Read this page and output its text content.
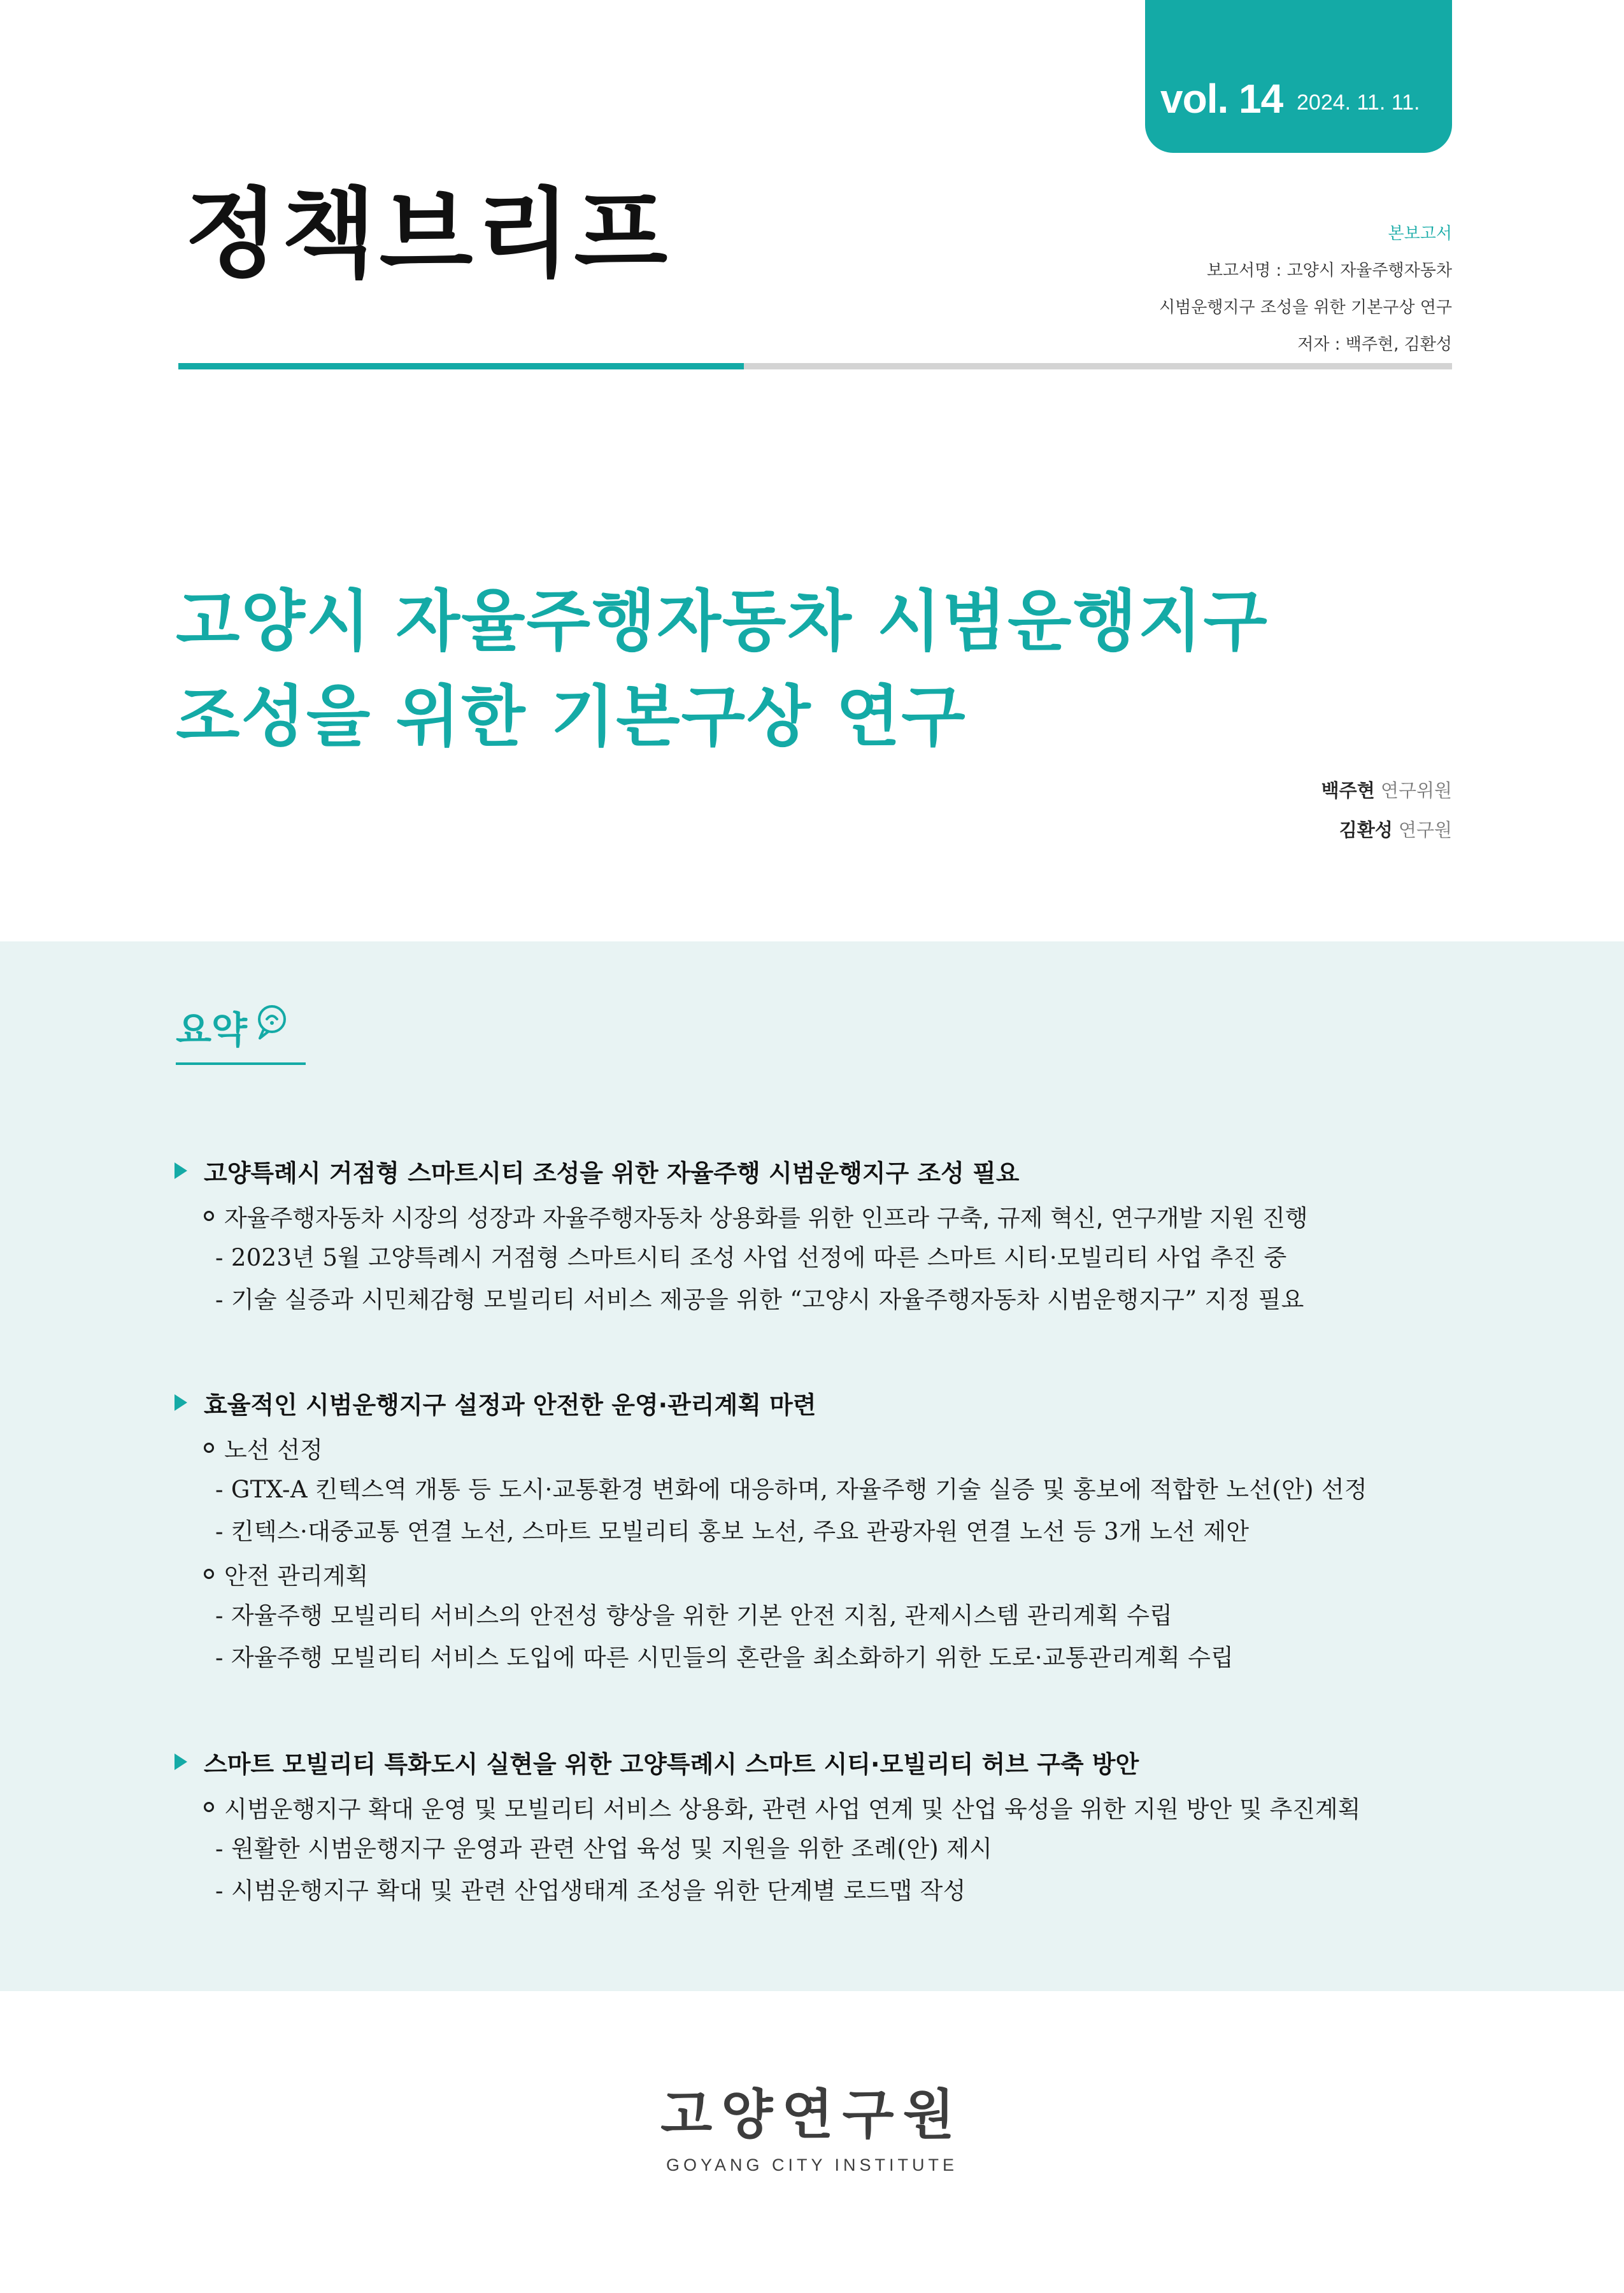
vol. 14 2024. 11. 11.
정책브리프	본보고서
보고서명 : 고양시 자율주행자동차
시범운행지구 조성을 위한 기본구상 연구
저자 : 백주현, 김환성
고양시 자율주행자동차 시범운행지구
조성을 위한 기본구상 연구
백주현 연구위원
김환성 연구원
요약
고양특례시 거점형 스마트시티 조성을 위한 자율주행 시범운행지구 조성 필요
자율주행자동차 시장의 성장과 자율주행자동차 상용화를 위한 인프라 구축, 규제 혁신, 연구개발 지원 진행
- 2023년 5월 고양특례시 거점형 스마트시티 조성 사업 선정에 따른 스마트 시티·모빌리티 사업 추진 중
- 기술 실증과 시민체감형 모빌리티 서비스 제공을 위한 “고양시 자율주행자동차 시범운행지구” 지정 필요
효율적인 시범운행지구 설정과 안전한 운영·관리계획 마련
노선 선정
- GTX-A 킨텍스역 개통 등 도시·교통환경 변화에 대응하며, 자율주행 기술 실증 및 홍보에 적합한 노선(안) 선정
- 킨텍스·대중교통 연결 노선, 스마트 모빌리티 홍보 노선, 주요 관광자원 연결 노선 등 3개 노선 제안
안전 관리계획
- 자율주행 모빌리티 서비스의 안전성 향상을 위한 기본 안전 지침, 관제시스템 관리계획 수립
- 자율주행 모빌리티 서비스 도입에 따른 시민들의 혼란을 최소화하기 위한 도로·교통관리계획 수립
스마트 모빌리티 특화도시 실현을 위한 고양특례시 스마트 시티·모빌리티 허브 구축 방안
시범운행지구 확대 운영 및 모빌리티 서비스 상용화, 관련 사업 연계 및 산업 육성을 위한 지원 방안 및 추진계획
- 원활한 시범운행지구 운영과 관련 산업 육성 및 지원을 위한 조례(안) 제시
- 시범운행지구 확대 및 관련 산업생태계 조성을 위한 단계별 로드맵 작성
고양연구원
GOYANG CITY INSTITUTE
